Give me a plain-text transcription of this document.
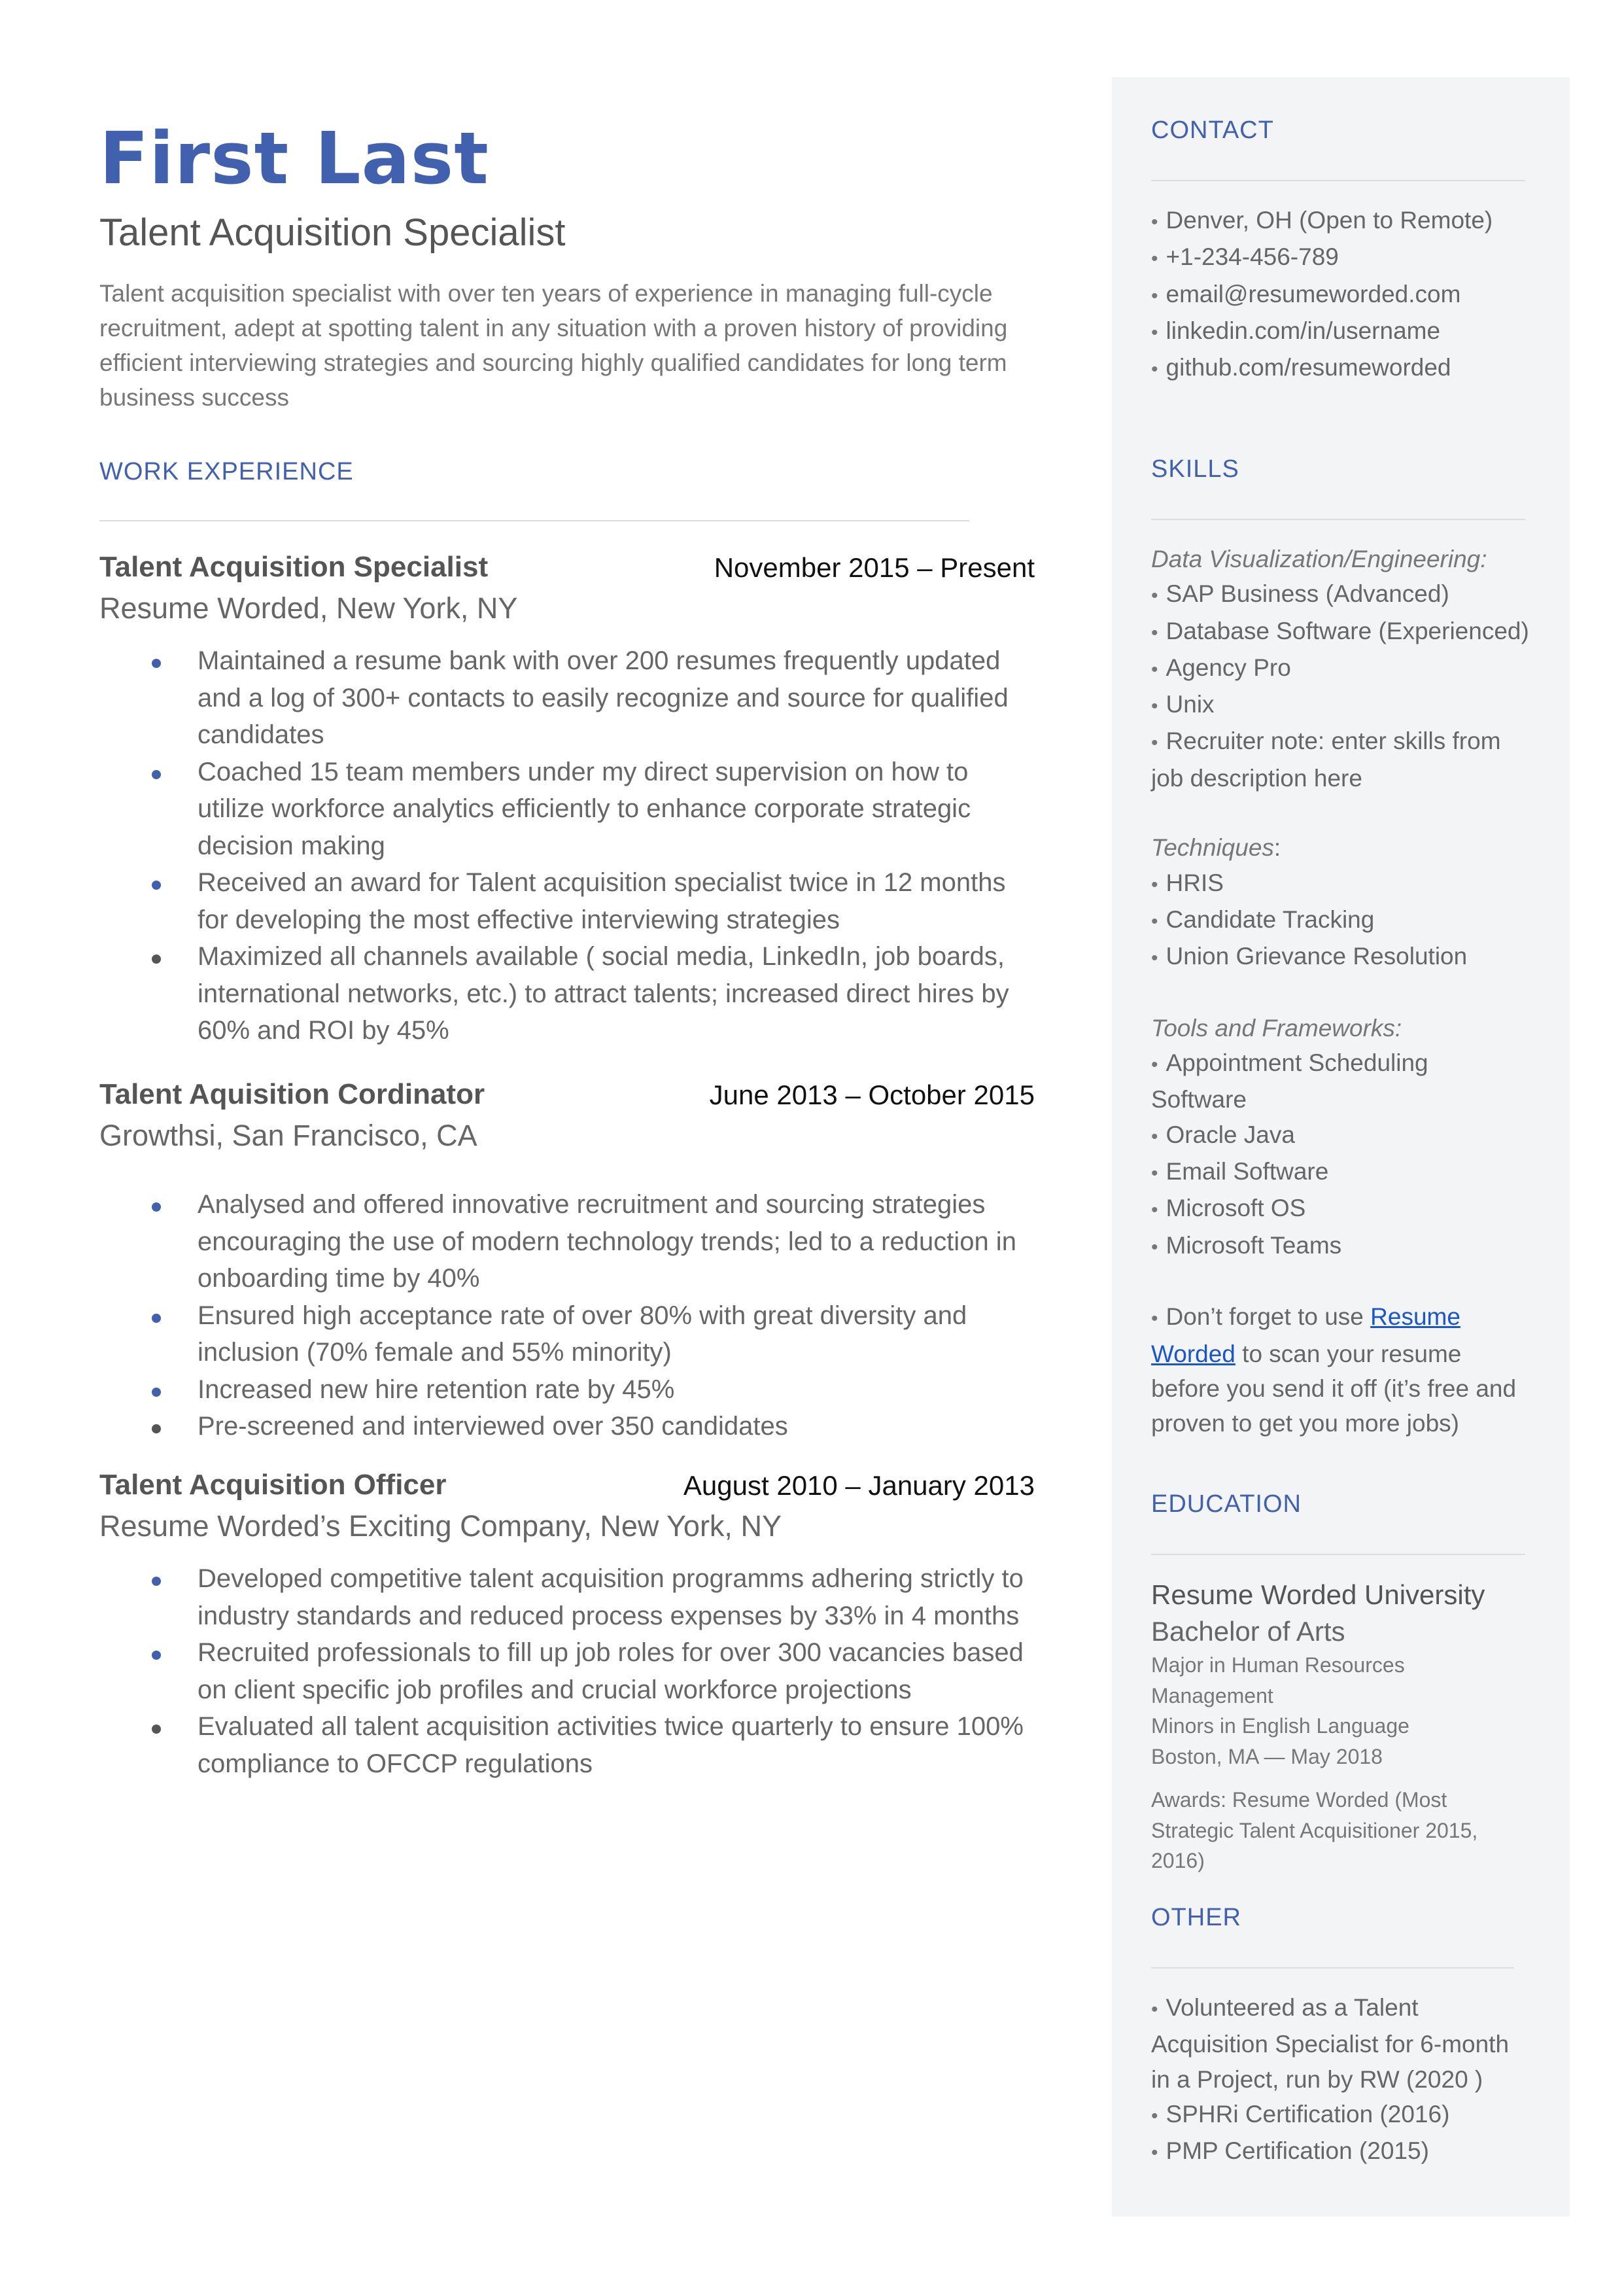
First Last
Talent Acquisition Specialist
Talent acquisition specialist with over ten years of experience in managing full-cycle recruitment, adept at spotting talent in any situation with a proven history of providing efficient interviewing strategies and sourcing highly qualified candidates for long term business success
WORK EXPERIENCE
Talent Acquisition Specialist	November 2015 – Present
Resume Worded, New York, NY
Maintained a resume bank with over 200 resumes frequently updated and a log of 300+ contacts to easily recognize and source for qualified candidates
Coached 15 team members under my direct supervision on how to utilize workforce analytics efficiently to enhance corporate strategic decision making
Received an award for Talent acquisition specialist twice in 12 months for developing the most effective interviewing strategies
Maximized all channels available ( social media, LinkedIn, job boards, international networks, etc.) to attract talents; increased direct hires by 60% and ROI by 45%
Talent Aquisition Cordinator	June 2013 – October 2015
Growthsi, San Francisco, CA
Analysed and offered innovative recruitment and sourcing strategies encouraging the use of modern technology trends; led to a reduction in onboarding time by 40%
Ensured high acceptance rate of over 80% with great diversity and inclusion (70% female and 55% minority)
Increased new hire retention rate by 45%
Pre-screened and interviewed over 350 candidates
Talent Acquisition Officer	August 2010 – January 2013
Resume Worded’s Exciting Company, New York, NY
Developed competitive talent acquisition programms adhering strictly to industry standards and reduced process expenses by 33% in 4 months
Recruited professionals to fill up job roles for over 300 vacancies based on client specific job profiles and crucial workforce projections
Evaluated all talent acquisition activities twice quarterly to ensure 100% compliance to OFCCP regulations
CONTACT
• Denver, OH (Open to Remote)
• +1-234-456-789
• email@resumeworded.com
• linkedin.com/in/username
• github.com/resumeworded
SKILLS
Data Visualization/Engineering:
• SAP Business (Advanced)
• Database Software (Experienced)
• Agency Pro
• Unix
• Recruiter note: enter skills from
job description here
Techniques:
• HRIS
• Candidate Tracking
• Union Grievance Resolution
Tools and Frameworks:
• Appointment Scheduling
Software
• Oracle Java
• Email Software
• Microsoft OS
• Microsoft Teams
• Don’t forget to use Resume
Worded to scan your resume
before you send it off (it’s free and
proven to get you more jobs)
EDUCATION
Resume Worded University
Bachelor of Arts
Major in Human Resources
Management
Minors in English Language
Boston, MA — May 2018
Awards: Resume Worded (Most
Strategic Talent Acquisitioner 2015,
2016)
OTHER
• Volunteered as a Talent
Acquisition Specialist for 6-month
in a Project, run by RW (2020 )
• SPHRi Certification (2016)
• PMP Certification (2015)
